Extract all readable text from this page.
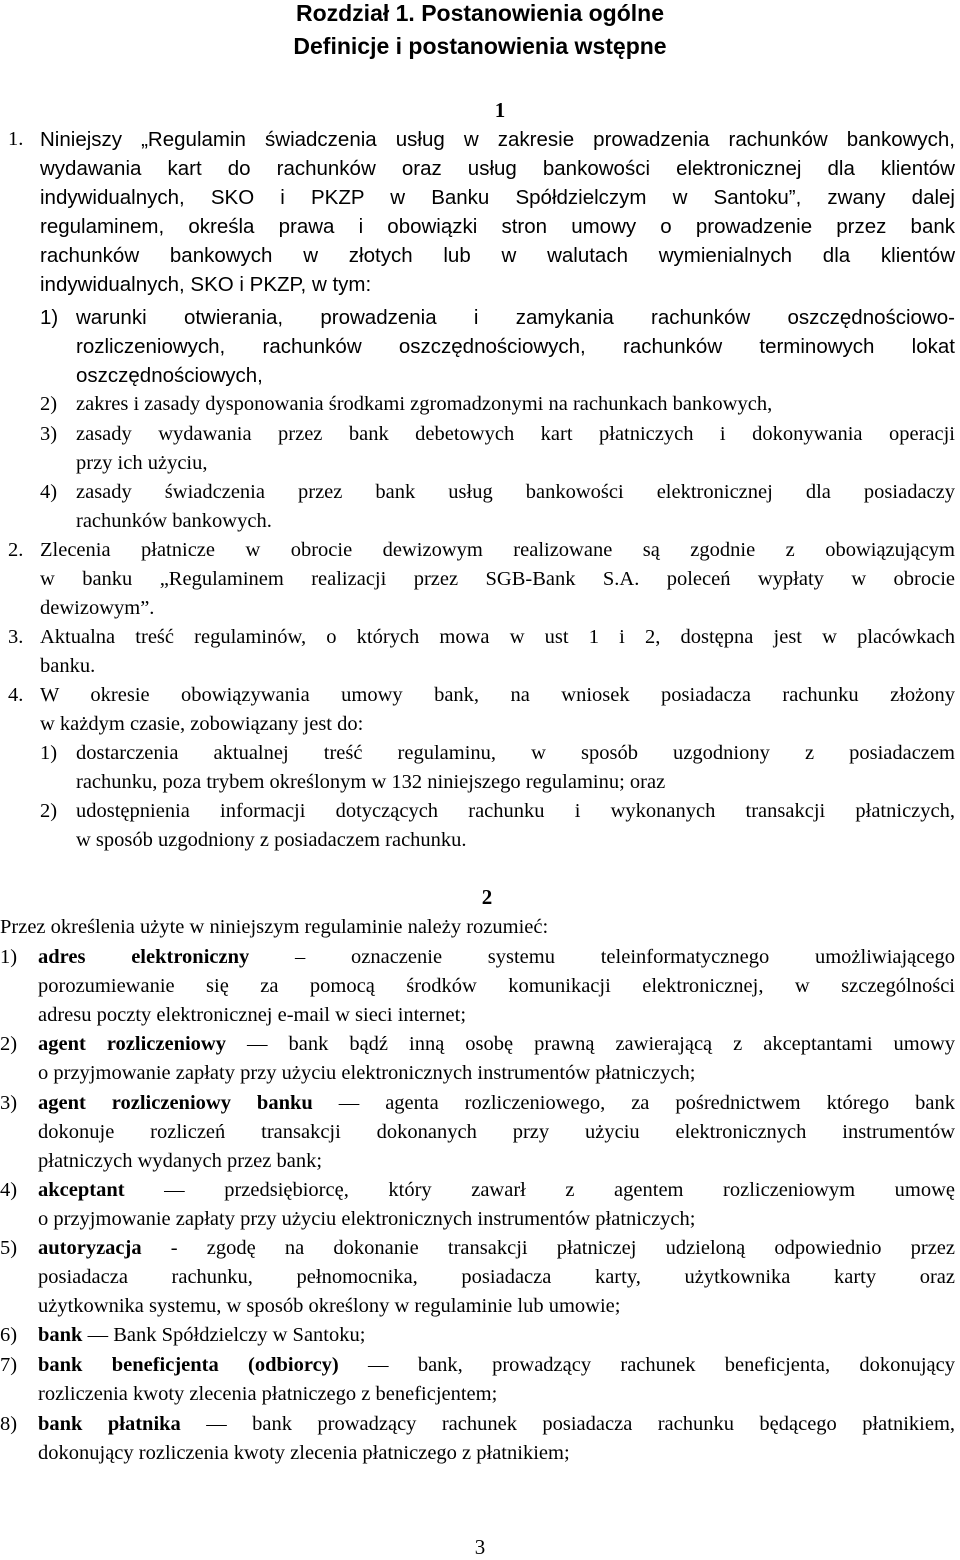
Rozdział 1. Postanowienia ogólne
Definicje i postanowienia wstępne
1
1. Niniejszy „Regulamin świadczenia usług w zakresie prowadzenia rachunków bankowych,
wydawania kart do rachunków oraz usług bankowości elektronicznej dla klientów
indywidualnych, SKO i PKZP w Banku Spółdzielczym w Santoku”, zwany dalej
regulaminem, określa prawa i obowiązki stron umowy o prowadzenie przez bank
rachunków bankowych w złotych lub w walutach wymienialnych dla klientów
indywidualnych, SKO i PKZP, w tym:
1) warunki otwierania, prowadzenia i zamykania rachunków oszczędnościowo-
rozliczeniowych, rachunków oszczędnościowych, rachunków terminowych lokat
oszczędnościowych,
2) zakres i zasady dysponowania środkami zgromadzonymi na rachunkach bankowych,
3) zasady wydawania przez bank debetowych kart płatniczych i dokonywania operacji
przy ich użyciu,
4) zasady świadczenia przez bank usług bankowości elektronicznej dla posiadaczy
rachunków bankowych.
2. Zlecenia płatnicze w obrocie dewizowym realizowane są zgodnie z obowiązującym
w banku „Regulaminem realizacji przez SGB-Bank S.A. poleceń wypłaty w obrocie
dewizowym”.
3. Aktualna treść regulaminów, o których mowa w ust 1 i 2, dostępna jest w placówkach
banku.
4. W okresie obowiązywania umowy bank, na wniosek posiadacza rachunku złożony
w każdym czasie, zobowiązany jest do:
1) dostarczenia aktualnej treść regulaminu, w sposób uzgodniony z posiadaczem
rachunku, poza trybem określonym w 132 niniejszego regulaminu; oraz
2) udostępnienia informacji dotyczących rachunku i wykonanych transakcji płatniczych,
w sposób uzgodniony z posiadaczem rachunku.
2
Przez określenia użyte w niniejszym regulaminie należy rozumieć:
1) adres elektroniczny – oznaczenie systemu teleinformatycznego umożliwiającego
porozumiewanie się za pomocą środków komunikacji elektronicznej, w szczególności
adresu poczty elektronicznej e-mail w sieci internet;
2) agent rozliczeniowy — bank bądź inną osobę prawną zawierającą z akceptantami umowy
o przyjmowanie zapłaty przy użyciu elektronicznych instrumentów płatniczych;
3) agent rozliczeniowy banku — agenta rozliczeniowego, za pośrednictwem którego bank
dokonuje rozliczeń transakcji dokonanych przy użyciu elektronicznych instrumentów
płatniczych wydanych przez bank;
4) akceptant — przedsiębiorcę, który zawarł z agentem rozliczeniowym umowę
o przyjmowanie zapłaty przy użyciu elektronicznych instrumentów płatniczych;
5) autoryzacja - zgodę na dokonanie transakcji płatniczej udzieloną odpowiednio przez
posiadacza rachunku, pełnomocnika, posiadacza karty, użytkownika karty oraz
użytkownika systemu, w sposób określony w regulaminie lub umowie;
6) bank — Bank Spółdzielczy w Santoku;
7) bank beneficjenta (odbiorcy) — bank, prowadzący rachunek beneficjenta, dokonujący
rozliczenia kwoty zlecenia płatniczego z beneficjentem;
8) bank płatnika — bank prowadzący rachunek posiadacza rachunku będącego płatnikiem,
dokonujący rozliczenia kwoty zlecenia płatniczego z płatnikiem;
3
